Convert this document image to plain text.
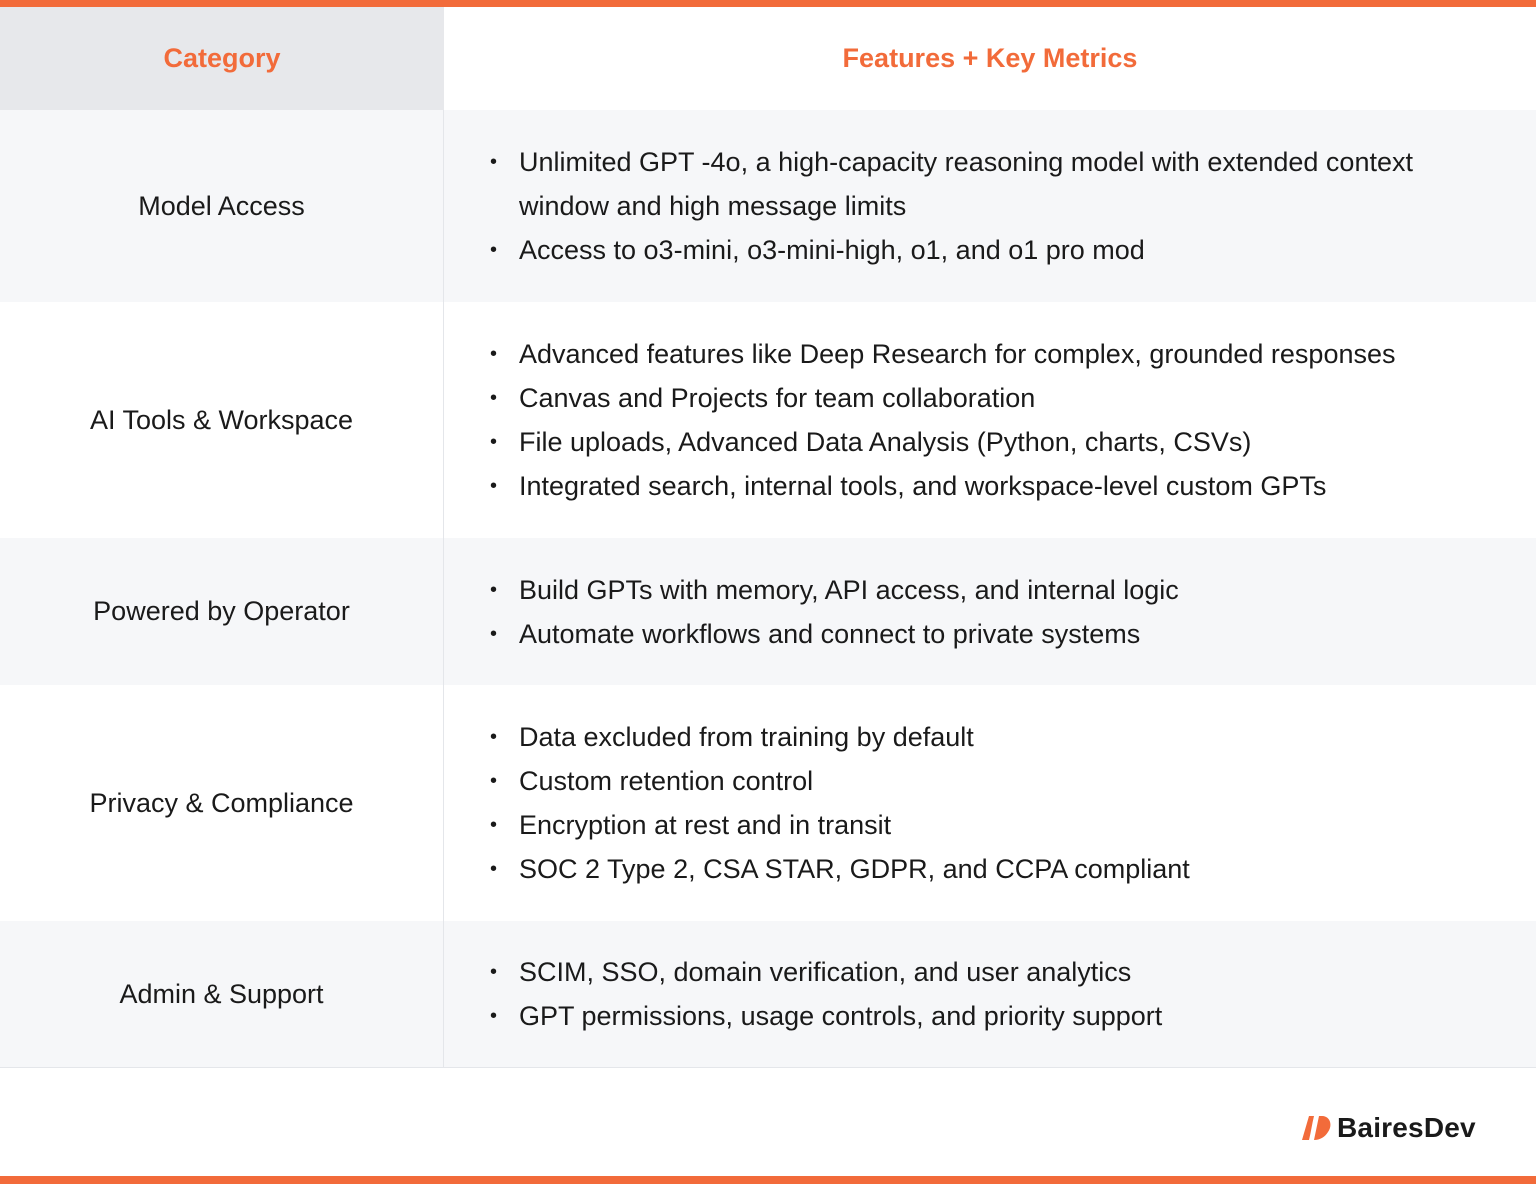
Category	Features + Key Metrics
Model Access
• Unlimited GPT -4o, a high-capacity reasoning model with extended context window and high message limits
• Access to o3-mini, o3-mini-high, o1, and o1 pro mod
AI Tools & Workspace
• Advanced features like Deep Research for complex, grounded responses
• Canvas and Projects for team collaboration
• File uploads, Advanced Data Analysis (Python, charts, CSVs)
• Integrated search, internal tools, and workspace-level custom GPTs
Powered by Operator
• Build GPTs with memory, API access, and internal logic
• Automate workflows and connect to private systems
Privacy & Compliance
• Data excluded from training by default
• Custom retention control
• Encryption at rest and in transit
• SOC 2 Type 2, CSA STAR, GDPR, and CCPA compliant
Admin & Support
• SCIM, SSO, domain verification, and user analytics
• GPT permissions, usage controls, and priority support
BairesDev
